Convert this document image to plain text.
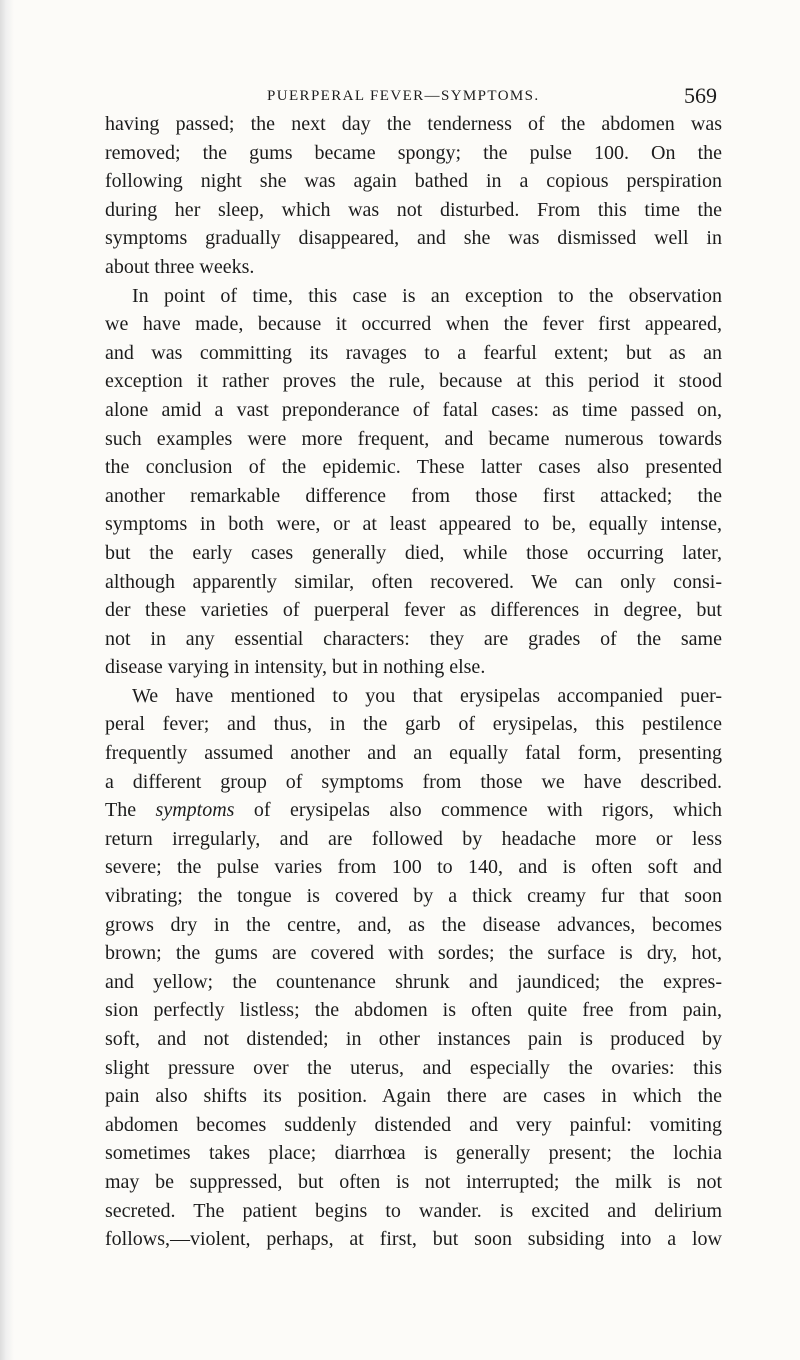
PUERPERAL FEVER—SYMPTOMS.	569
having passed; the next day the tenderness of the abdomen was
removed; the gums became spongy; the pulse 100. On the
following night she was again bathed in a copious perspiration
during her sleep, which was not disturbed. From this time the
symptoms gradually disappeared, and she was dismissed well in
about three weeks.
In point of time, this case is an exception to the observation
we have made, because it occurred when the fever first appeared,
and was committing its ravages to a fearful extent; but as an
exception it rather proves the rule, because at this period it stood
alone amid a vast preponderance of fatal cases: as time passed on,
such examples were more frequent, and became numerous towards
the conclusion of the epidemic. These latter cases also presented
another remarkable difference from those first attacked; the
symptoms in both were, or at least appeared to be, equally intense,
but the early cases generally died, while those occurring later,
although apparently similar, often recovered. We can only consi-
der these varieties of puerperal fever as differences in degree, but
not in any essential characters: they are grades of the same
disease varying in intensity, but in nothing else.
We have mentioned to you that erysipelas accompanied puer-
peral fever; and thus, in the garb of erysipelas, this pestilence
frequently assumed another and an equally fatal form, presenting
a different group of symptoms from those we have described.
The symptoms of erysipelas also commence with rigors, which
return irregularly, and are followed by headache more or less
severe; the pulse varies from 100 to 140, and is often soft and
vibrating; the tongue is covered by a thick creamy fur that soon
grows dry in the centre, and, as the disease advances, becomes
brown; the gums are covered with sordes; the surface is dry, hot,
and yellow; the countenance shrunk and jaundiced; the expres-
sion perfectly listless; the abdomen is often quite free from pain,
soft, and not distended; in other instances pain is produced by
slight pressure over the uterus, and especially the ovaries: this
pain also shifts its position. Again there are cases in which the
abdomen becomes suddenly distended and very painful: vomiting
sometimes takes place; diarrhœa is generally present; the lochia
may be suppressed, but often is not interrupted; the milk is not
secreted. The patient begins to wander. is excited and delirium
follows,—violent, perhaps, at first, but soon subsiding into a low
